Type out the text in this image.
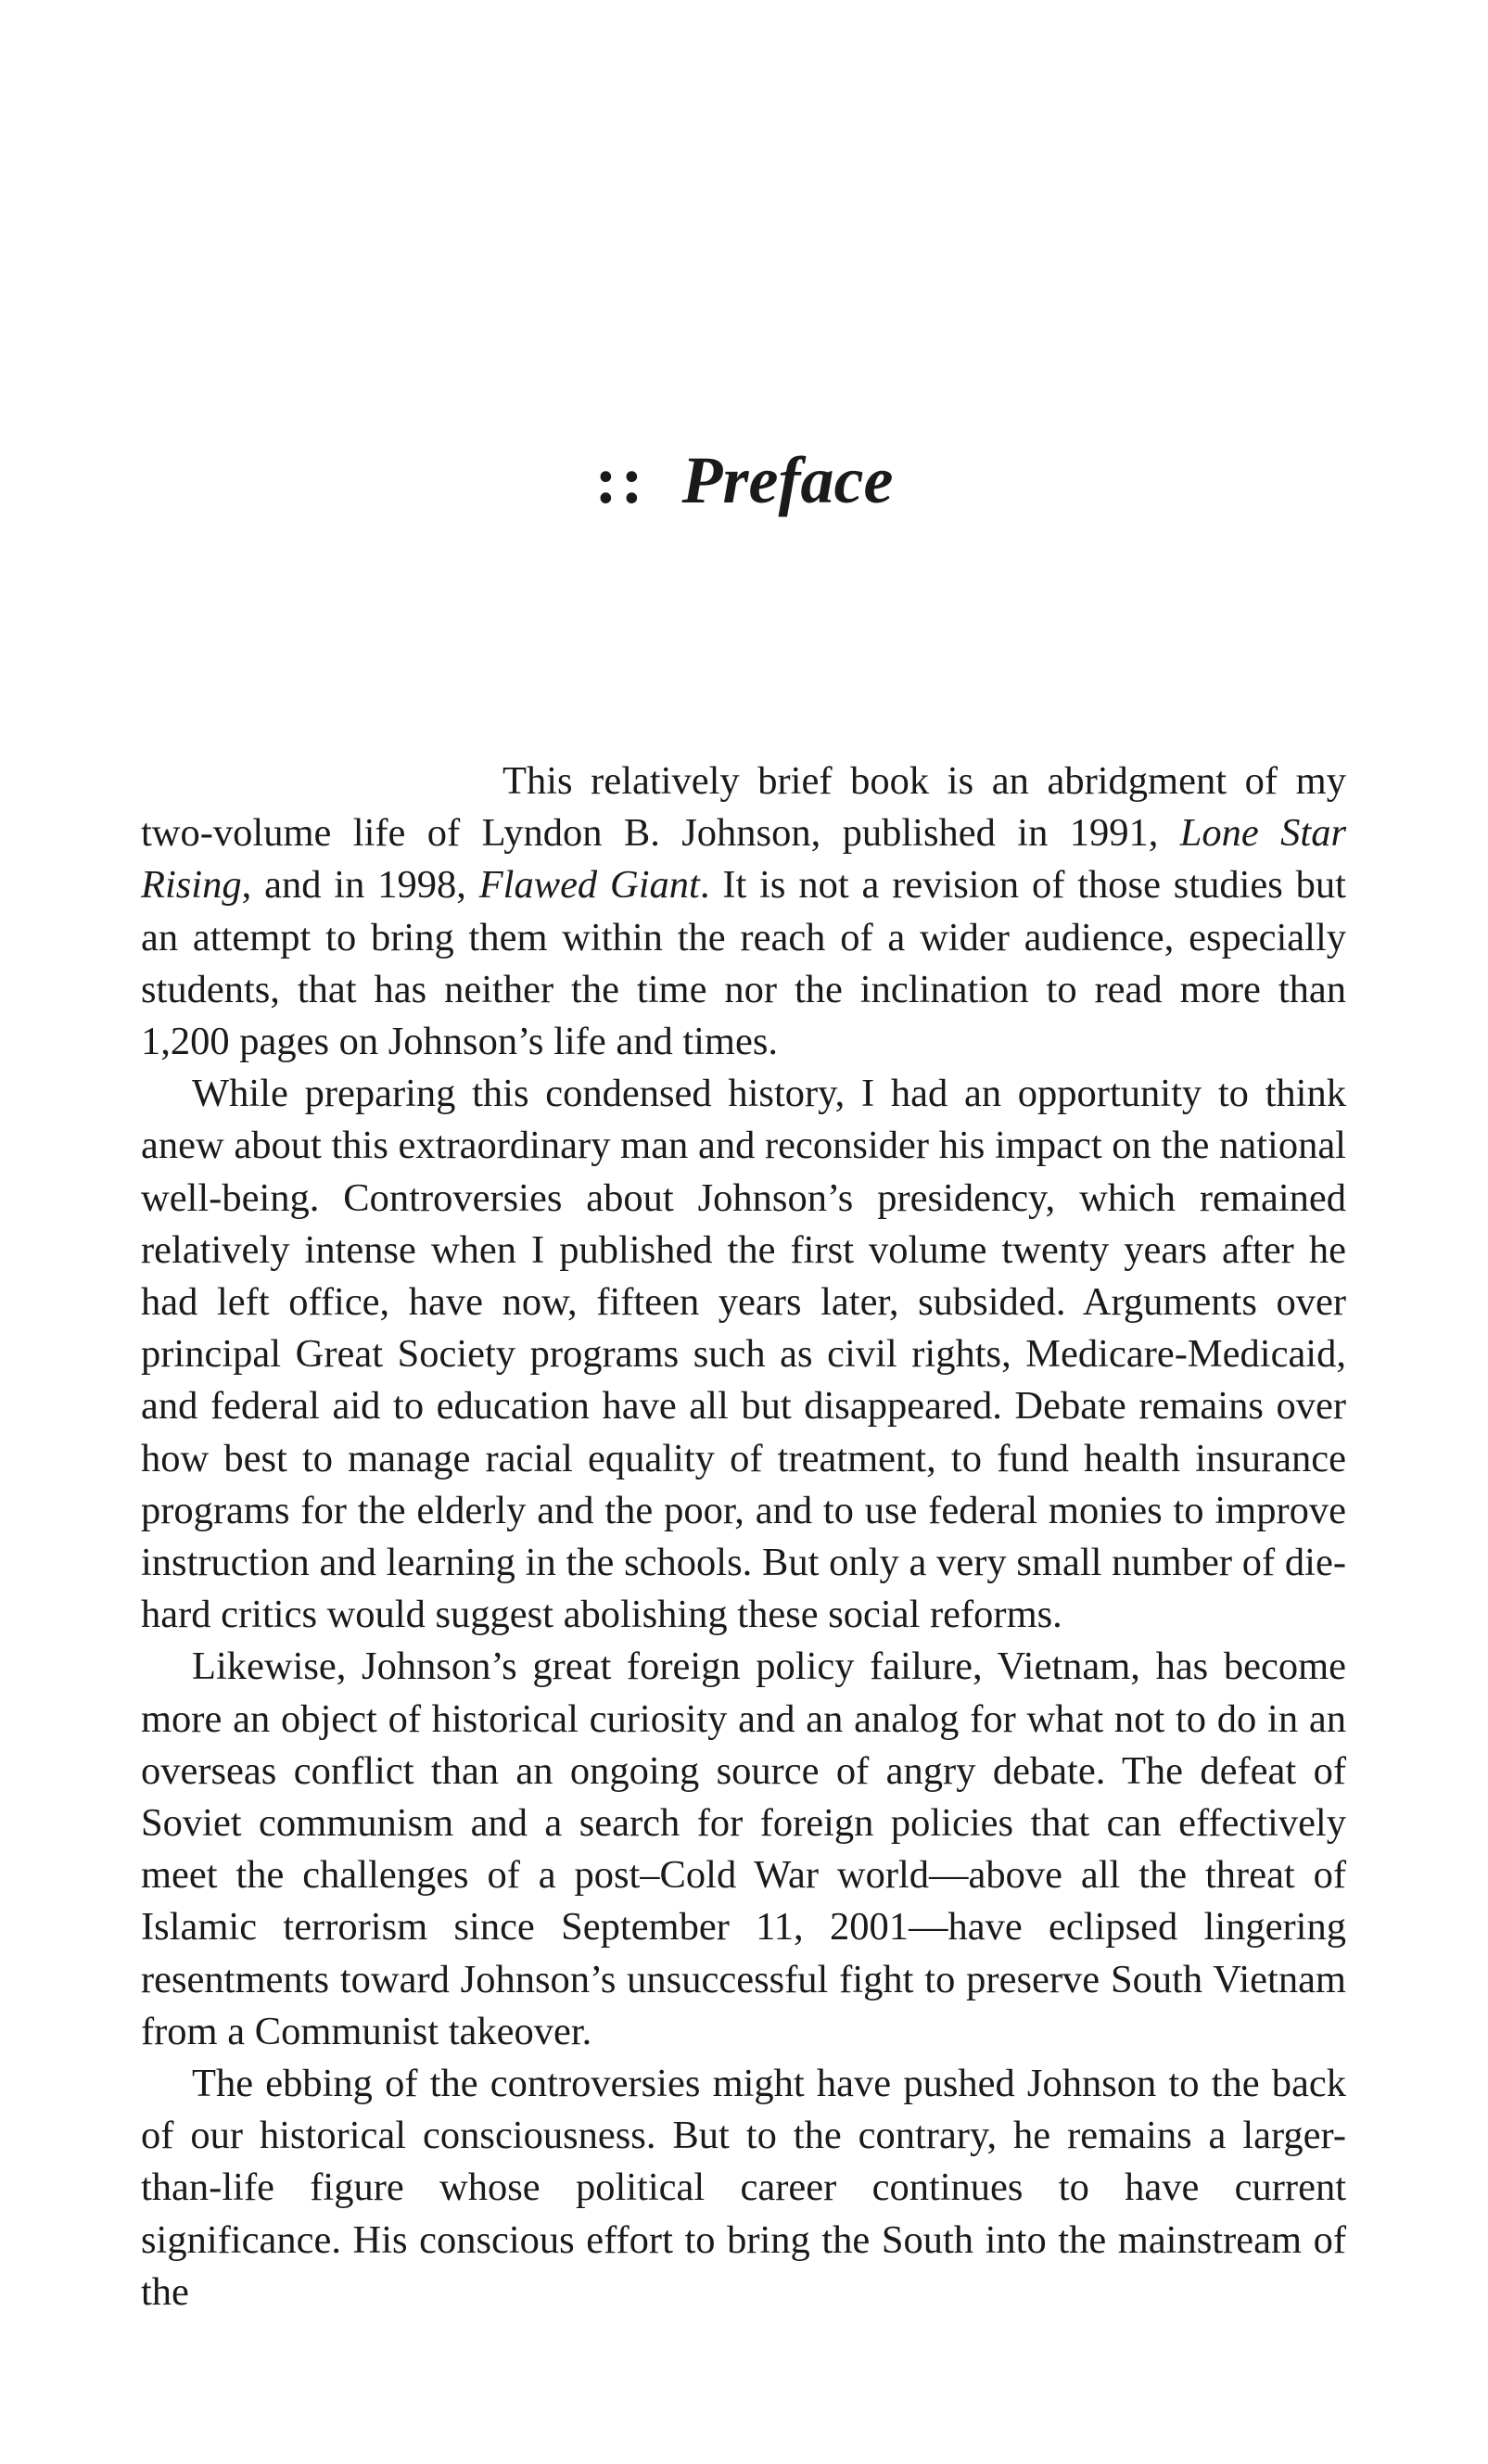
:: Preface

This relatively brief book is an abridgment of my two-volume life of Lyndon B. Johnson, published in 1991, Lone Star Rising, and in 1998, Flawed Giant. It is not a revision of those studies but an attempt to bring them within the reach of a wider audience, especially students, that has neither the time nor the inclination to read more than 1,200 pages on Johnson’s life and times.

While preparing this condensed history, I had an opportunity to think anew about this extraordinary man and reconsider his impact on the national well-being. Controversies about Johnson’s presidency, which remained relatively intense when I published the first volume twenty years after he had left office, have now, fifteen years later, subsided. Arguments over principal Great Society programs such as civil rights, Medicare-Medicaid, and federal aid to education have all but disappeared. Debate remains over how best to manage racial equality of treatment, to fund health insurance programs for the elderly and the poor, and to use federal monies to improve instruction and learning in the schools. But only a very small number of die-hard critics would suggest abolishing these social reforms.

Likewise, Johnson’s great foreign policy failure, Vietnam, has become more an object of historical curiosity and an analog for what not to do in an overseas conflict than an ongoing source of angry debate. The defeat of Soviet communism and a search for foreign policies that can effectively meet the challenges of a post–Cold War world—above all the threat of Islamic terrorism since September 11, 2001—have eclipsed lingering resentments toward Johnson’s unsuccessful fight to preserve South Vietnam from a Communist takeover.

The ebbing of the controversies might have pushed Johnson to the back of our historical consciousness. But to the contrary, he remains a larger-than-life figure whose political career continues to have current significance. His conscious effort to bring the South into the mainstream of the
